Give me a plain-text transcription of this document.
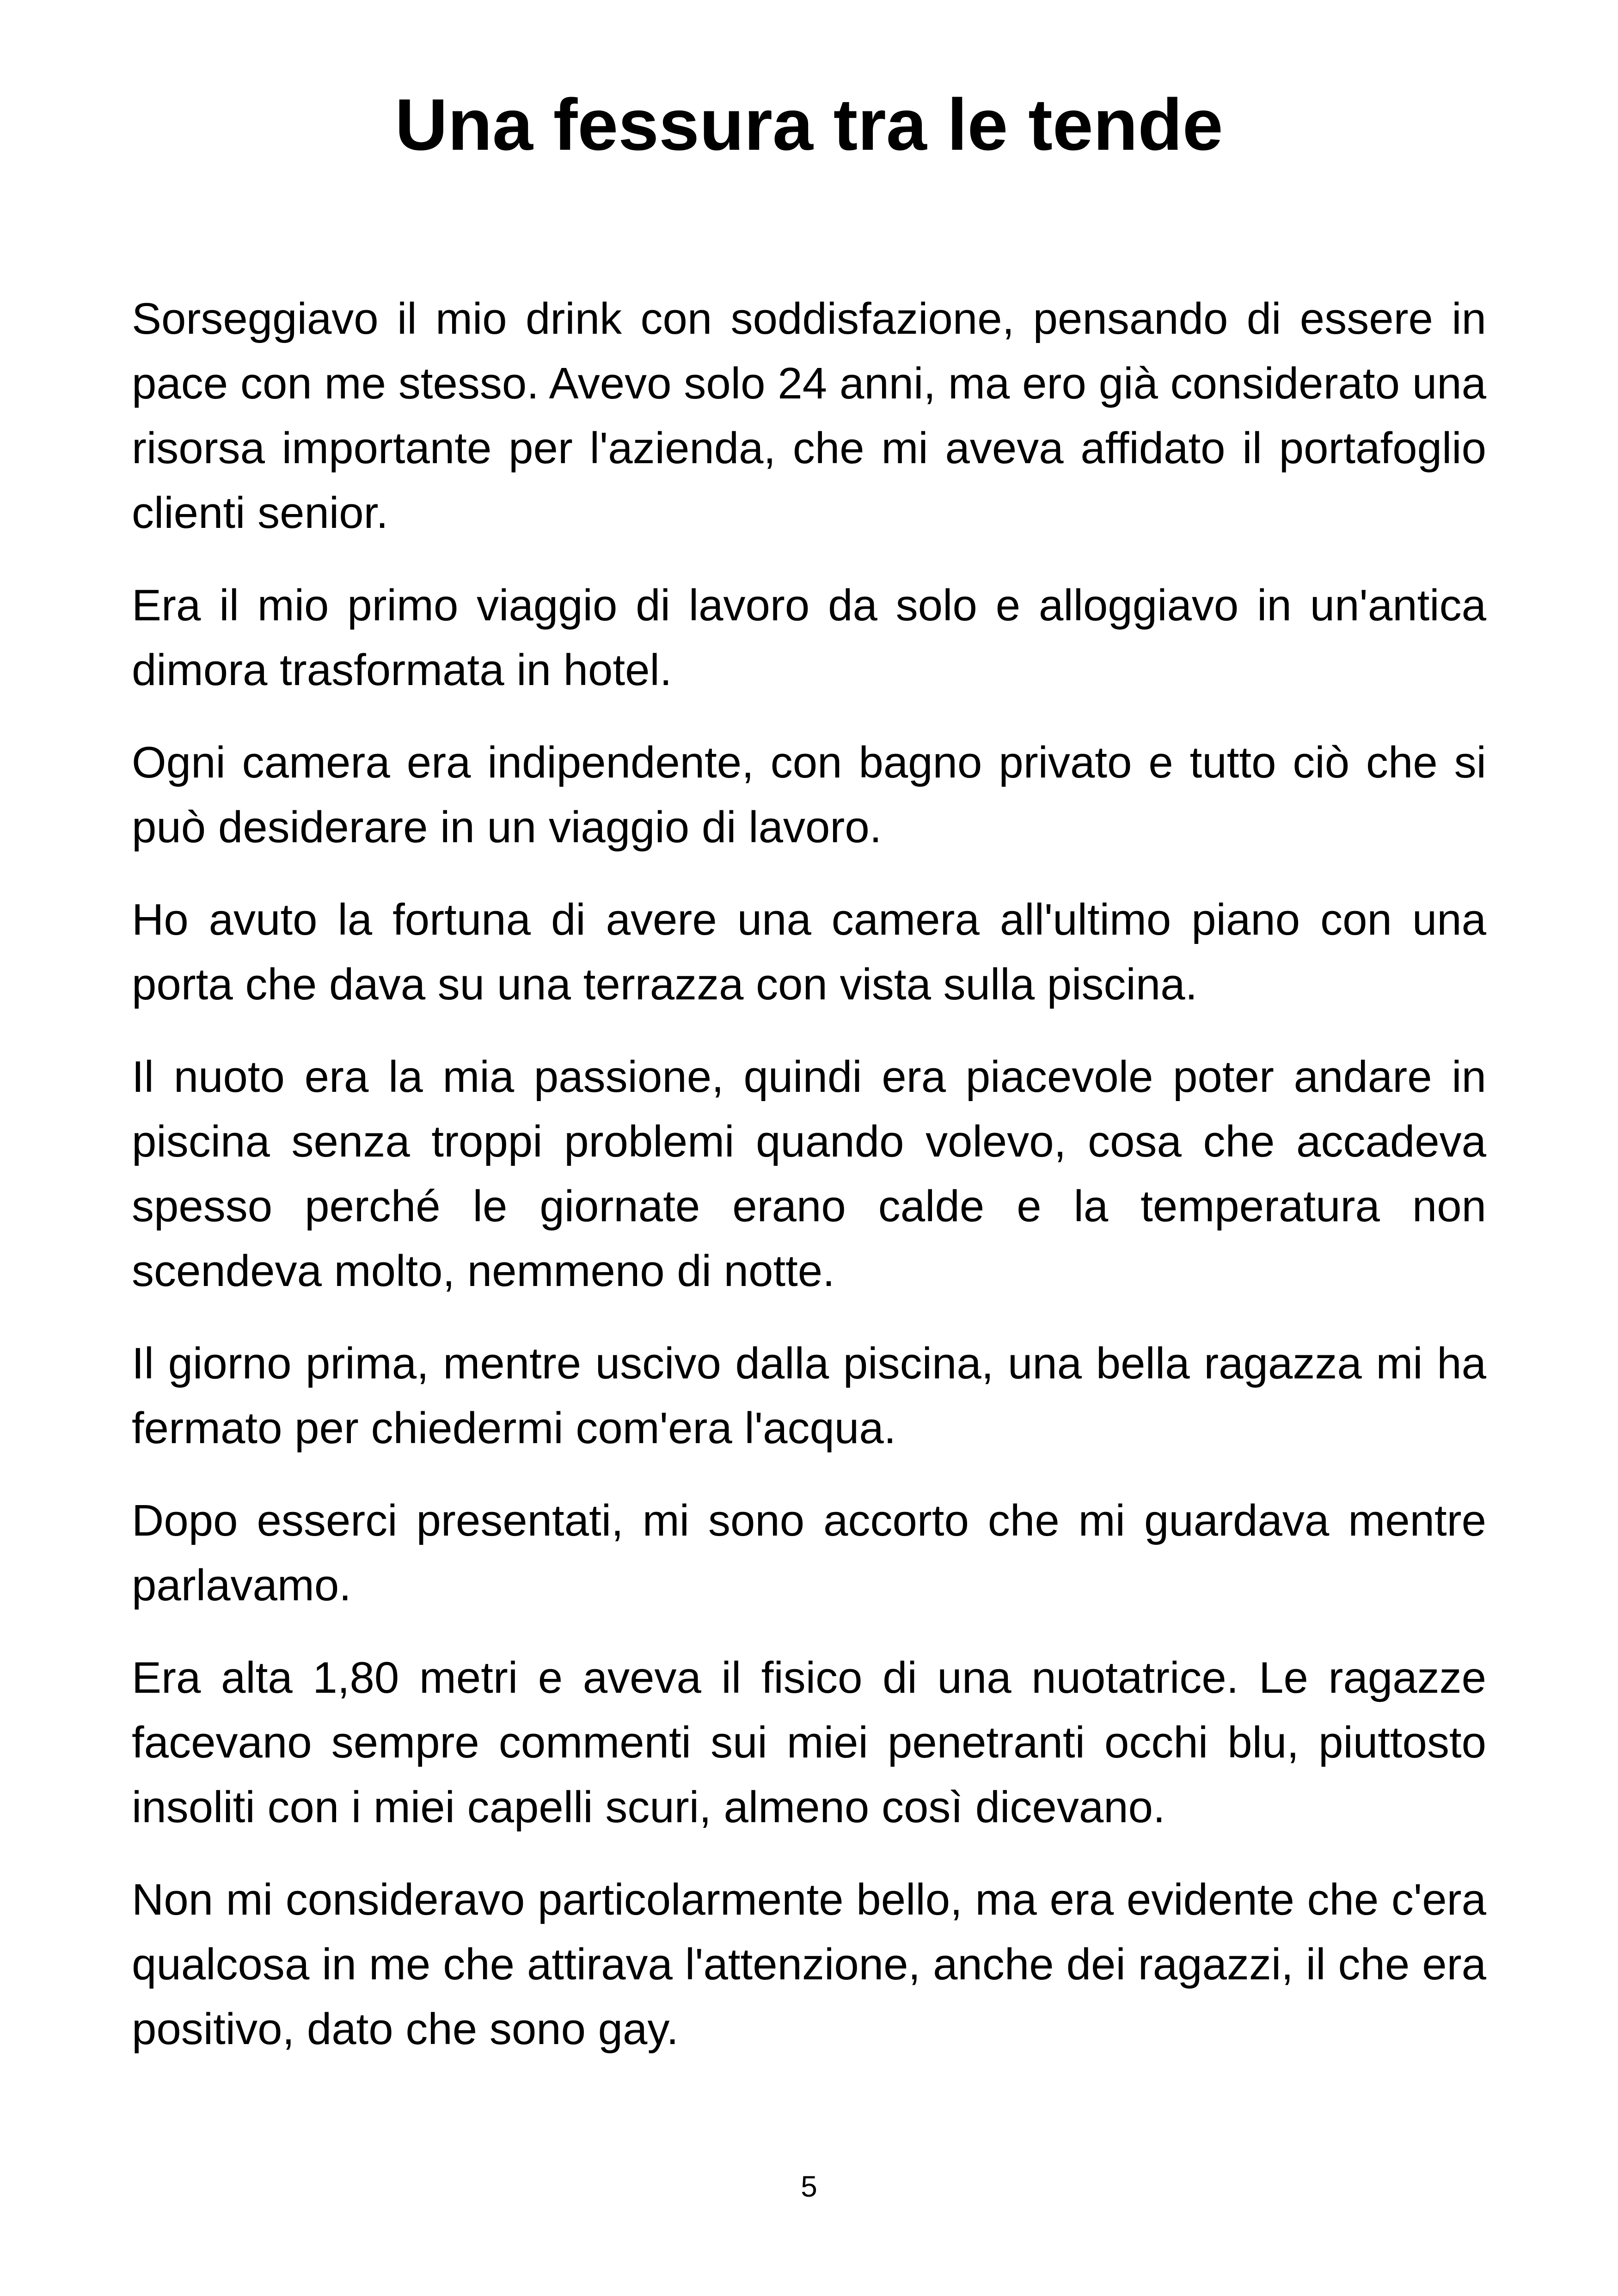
Una fessura tra le tende

Sorseggiavo il mio drink con soddisfazione, pensando di essere in pace con me stesso. Avevo solo 24 anni, ma ero già considerato una risorsa importante per l'azienda, che mi aveva affidato il portafoglio clienti senior.

Era il mio primo viaggio di lavoro da solo e alloggiavo in un'antica dimora trasformata in hotel.

Ogni camera era indipendente, con bagno privato e tutto ciò che si può desiderare in un viaggio di lavoro.

Ho avuto la fortuna di avere una camera all'ultimo piano con una porta che dava su una terrazza con vista sulla piscina.

Il nuoto era la mia passione, quindi era piacevole poter andare in piscina senza troppi problemi quando volevo, cosa che accadeva spesso perché le giornate erano calde e la temperatura non scendeva molto, nemmeno di notte.

Il giorno prima, mentre uscivo dalla piscina, una bella ragazza mi ha fermato per chiedermi com'era l'acqua.

Dopo esserci presentati, mi sono accorto che mi guardava mentre parlavamo.

Era alta 1,80 metri e aveva il fisico di una nuotatrice. Le ragazze facevano sempre commenti sui miei penetranti occhi blu, piuttosto insoliti con i miei capelli scuri, almeno così dicevano.

Non mi consideravo particolarmente bello, ma era evidente che c'era qualcosa in me che attirava l'attenzione, anche dei ragazzi, il che era positivo, dato che sono gay.

5
